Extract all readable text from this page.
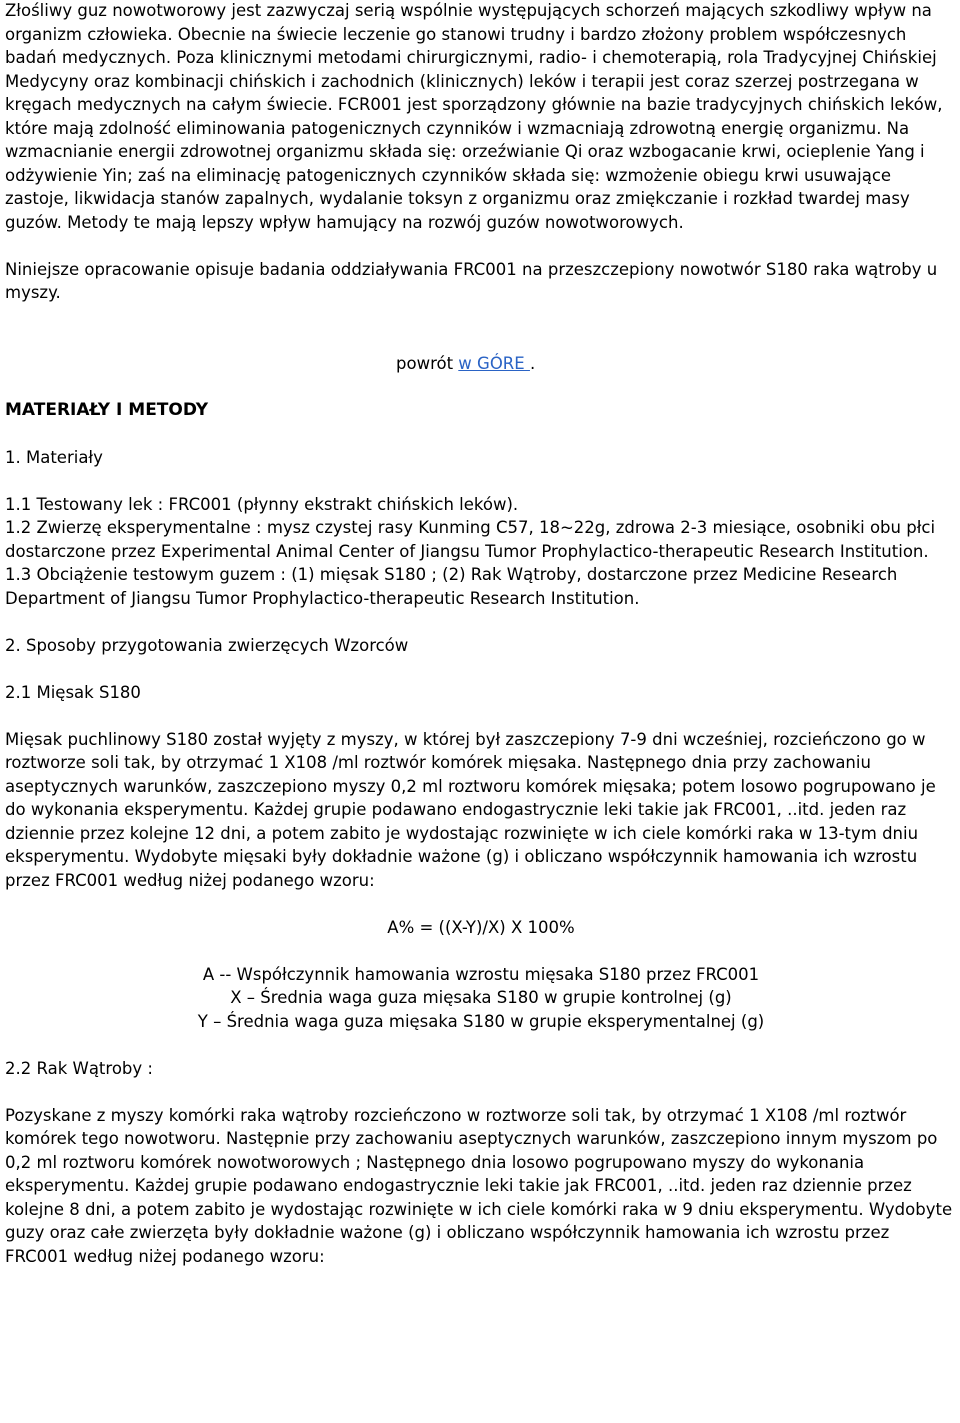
Złośliwy guz nowotworowy jest zazwyczaj serią wspólnie występujących schorzeń mających szkodliwy wpływ na organizm człowieka. Obecnie na świecie leczenie go stanowi trudny i bardzo złożony problem współczesnych badań medycznych. Poza klinicznymi metodami chirurgicznymi, radio- i chemoterapią, rola Tradycyjnej Chińskiej Medycyny oraz kombinacji chińskich i zachodnich (klinicznych) leków i terapii jest coraz szerzej postrzegana w kręgach medycznych na całym świecie. FCR001 jest sporządzony głównie na bazie tradycyjnych chińskich leków, które mają zdolność eliminowania patogenicznych czynników i wzmacniają zdrowotną energię organizmu. Na wzmacnianie energii zdrowotnej organizmu składa się: orzeźwianie Qi oraz wzbogacanie krwi, ocieplenie Yang i odżywienie Yin; zaś na eliminację patogenicznych czynników składa się: wzmożenie obiegu krwi usuwające zastoje, likwidacja stanów zapalnych, wydalanie toksyn z organizmu oraz zmiękczanie i rozkład twardej masy guzów. Metody te mają lepszy wpływ hamujący na rozwój guzów nowotworowych.

Niniejsze opracowanie opisuje badania oddziaływania FRC001 na przeszczepiony nowotwór S180 raka wątroby u myszy.

powrót w GÓRE .

MATERIAŁY I METODY

1. Materiały

1.1 Testowany lek : FRC001 (płynny ekstrakt chińskich leków).

1.2 Zwierzę eksperymentalne : mysz czystej rasy Kunming C57, 18~22g, zdrowa 2-3 miesiące, osobniki obu płci dostarczone przez Experimental Animal Center of Jiangsu Tumor Prophylactico-therapeutic Research Institution.

1.3 Obciążenie testowym guzem : (1) mięsak S180 ; (2) Rak Wątroby, dostarczone przez Medicine Research Department of Jiangsu Tumor Prophylactico-therapeutic Research Institution.

2. Sposoby przygotowania zwierzęcych Wzorców

2.1 Mięsak S180

Mięsak puchlinowy S180 został wyjęty z myszy, w której był zaszczepiony 7-9 dni wcześniej, rozcieńczono go w roztworze soli tak, by otrzymać 1 X108 /ml roztwór komórek mięsaka. Następnego dnia przy zachowaniu aseptycznych warunków, zaszczepiono myszy 0,2 ml roztworu komórek mięsaka; potem losowo pogrupowano je do wykonania eksperymentu. Każdej grupie podawano endogastrycznie leki takie jak FRC001, ..itd. jeden raz dziennie przez kolejne 12 dni, a potem zabito je wydostając rozwinięte w ich ciele komórki raka w 13-tym dniu eksperymentu. Wydobyte mięsaki były dokładnie ważone (g) i obliczano współczynnik hamowania ich wzrostu przez FRC001 według niżej podanego wzoru:

A% = ((X-Y)/X) X 100%

A -- Współczynnik hamowania wzrostu mięsaka S180 przez FRC001

X – Średnia waga guza mięsaka S180 w grupie kontrolnej (g)

Y – Średnia waga guza mięsaka S180 w grupie eksperymentalnej (g)

2.2 Rak Wątroby :

Pozyskane z myszy komórki raka wątroby rozcieńczono w roztworze soli tak, by otrzymać 1 X108 /ml roztwór komórek tego nowotworu. Następnie przy zachowaniu aseptycznych warunków, zaszczepiono innym myszom po 0,2 ml roztworu komórek nowotworowych ; Następnego dnia losowo pogrupowano myszy do wykonania eksperymentu. Każdej grupie podawano endogastrycznie leki takie jak FRC001, ..itd. jeden raz dziennie przez kolejne 8 dni, a potem zabito je wydostając rozwinięte w ich ciele komórki raka w 9 dniu eksperymentu. Wydobyte guzy oraz całe zwierzęta były dokładnie ważone (g) i obliczano współczynnik hamowania ich wzrostu przez FRC001 według niżej podanego wzoru:
